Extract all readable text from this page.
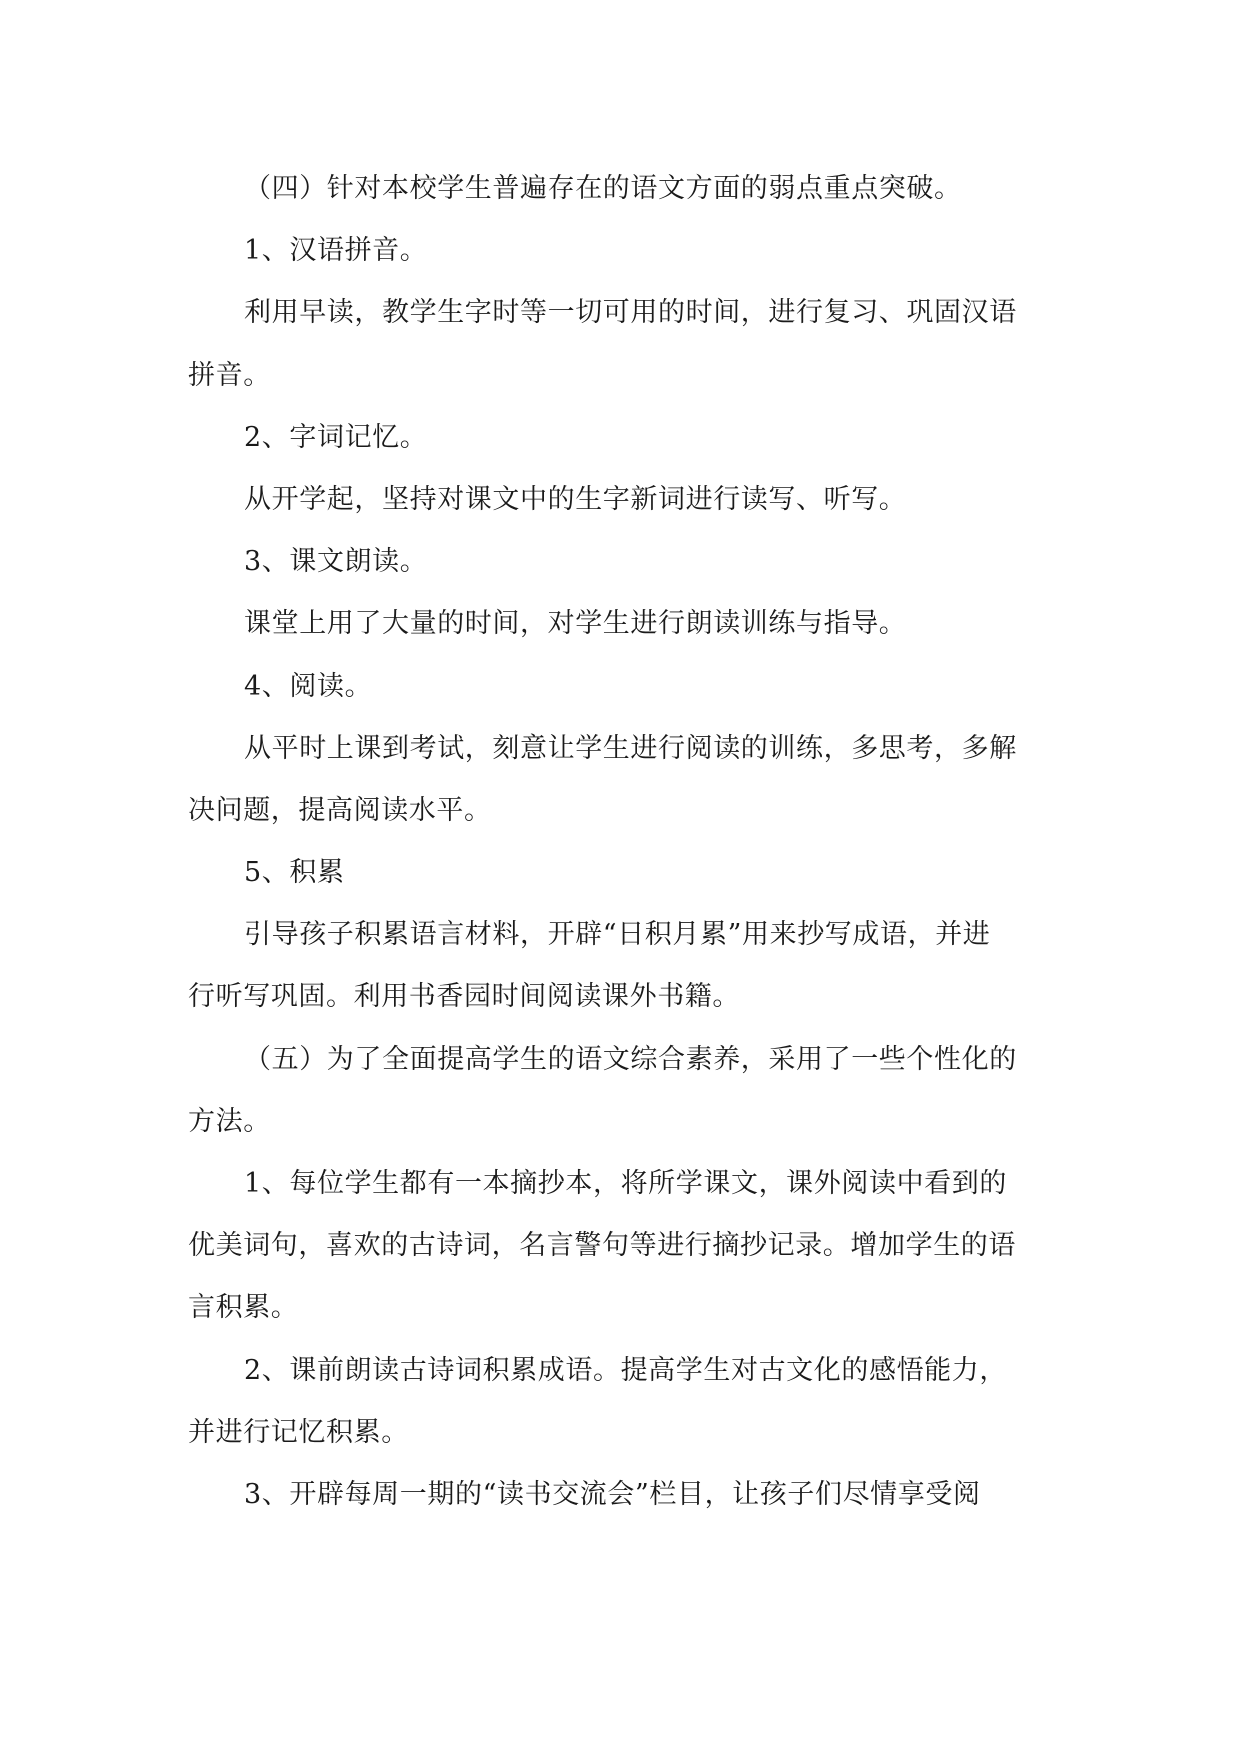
（四）针对本校学生普遍存在的语文方面的弱点重点突破。
1、汉语拼音。
利用早读，教学生字时等一切可用的时间，进行复习、巩固汉语
拼音。
2、字词记忆。
从开学起，坚持对课文中的生字新词进行读写、听写。
3、课文朗读。
课堂上用了大量的时间，对学生进行朗读训练与指导。
4、阅读。
从平时上课到考试，刻意让学生进行阅读的训练，多思考，多解
决问题，提高阅读水平。
5、积累
引导孩子积累语言材料，开辟“日积月累”用来抄写成语，并进
行听写巩固。利用书香园时间阅读课外书籍。
（五）为了全面提高学生的语文综合素养，采用了一些个性化的
方法。
1、每位学生都有一本摘抄本，将所学课文，课外阅读中看到的
优美词句，喜欢的古诗词，名言警句等进行摘抄记录。增加学生的语
言积累。
2、课前朗读古诗词积累成语。提高学生对古文化的感悟能力，
并进行记忆积累。
3、开辟每周一期的“读书交流会”栏目，让孩子们尽情享受阅
